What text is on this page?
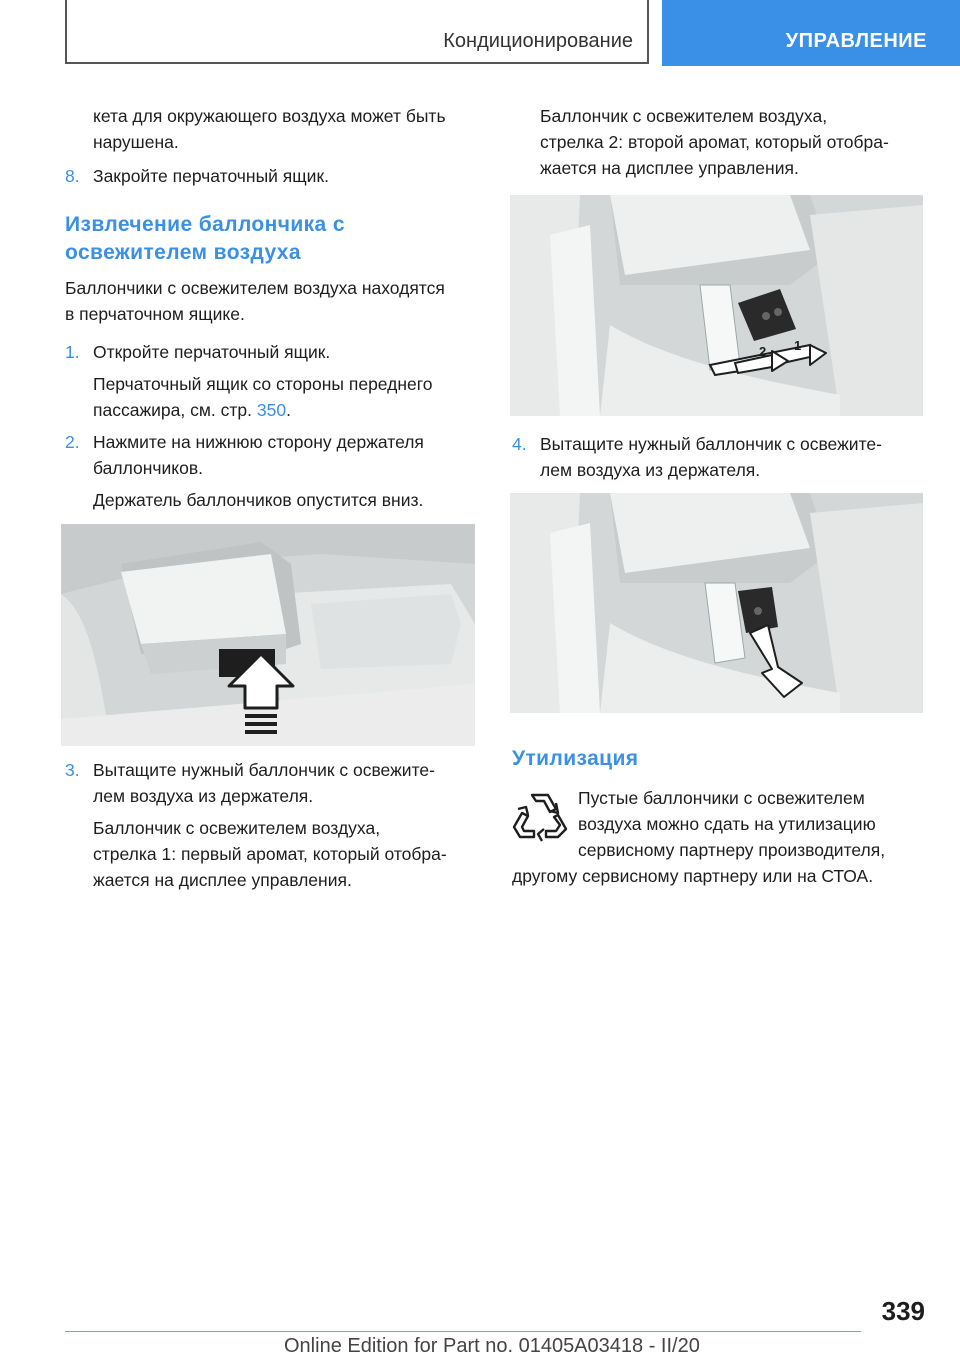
Кондиционирование	УПРАВЛЕНИЕ
кета для окружающего воздуха может быть
нарушена.
8. Закройте перчаточный ящик.
Извлечение баллончика с
освежителем воздуха
Баллончики с освежителем воздуха находятся
в перчаточном ящике.
1. Откройте перчаточный ящик.
Перчаточный ящик со стороны переднего
пассажира, см. стр. 350.
2. Нажмите на нижнюю сторону держателя
баллончиков.
Держатель баллончиков опустится вниз.
3. Вытащите нужный баллончик с освежите‐
лем воздуха из держателя.
Баллончик с освежителем воздуха,
стрелка 1: первый аромат, который отобра‐
жается на дисплее управления.
Баллончик с освежителем воздуха,
стрелка 2: второй аромат, который отобра‐
жается на дисплее управления.
2 1
4. Вытащите нужный баллончик с освежите‐
лем воздуха из держателя.
Утилизация
Пустые баллончики с освежителем
воздуха можно сдать на утилизацию
сервисному партнеру производителя,
другому сервисному партнеру или на СТОА.
339
Online Edition for Part no. 01405A03418 - II/20
